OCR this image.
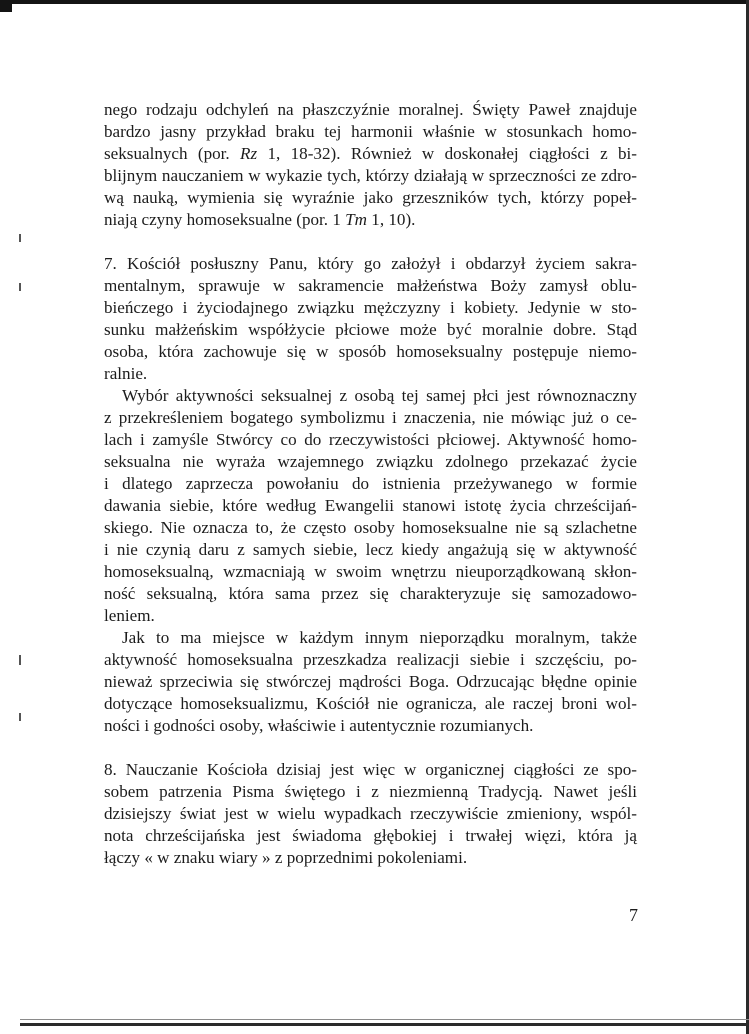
nego rodzaju odchyleń na płaszczyźnie moralnej. Święty Paweł znajduje
bardzo jasny przykład braku tej harmonii właśnie w stosunkach homo-
seksualnych (por. Rz 1, 18-32). Również w doskonałej ciągłości z bi-
blijnym nauczaniem w wykazie tych, którzy działają w sprzeczności ze zdro-
wą nauką, wymienia się wyraźnie jako grzeszników tych, którzy popeł-
niają czyny homoseksualne (por. 1 Tm 1, 10).

7. Kościół posłuszny Panu, który go założył i obdarzył życiem sakra-
mentalnym, sprawuje w sakramencie małżeństwa Boży zamysł oblu-
bieńczego i życiodajnego związku mężczyzny i kobiety. Jedynie w sto-
sunku małżeńskim współżycie płciowe może być moralnie dobre. Stąd
osoba, która zachowuje się w sposób homoseksualny postępuje niemo-
ralnie.

Wybór aktywności seksualnej z osobą tej samej płci jest równoznaczny
z przekreśleniem bogatego symbolizmu i znaczenia, nie mówiąc już o ce-
lach i zamyśle Stwórcy co do rzeczywistości płciowej. Aktywność homo-
seksualna nie wyraża wzajemnego związku zdolnego przekazać życie
i dlatego zaprzecza powołaniu do istnienia przeżywanego w formie
dawania siebie, które według Ewangelii stanowi istotę życia chrześcijań-
skiego. Nie oznacza to, że często osoby homoseksualne nie są szlachetne
i nie czynią daru z samych siebie, lecz kiedy angażują się w aktywność
homoseksualną, wzmacniają w swoim wnętrzu nieuporządkowaną skłon-
ność seksualną, która sama przez się charakteryzuje się samozadowo-
leniem.

Jak to ma miejsce w każdym innym nieporządku moralnym, także
aktywność homoseksualna przeszkadza realizacji siebie i szczęściu, po-
nieważ sprzeciwia się stwórczej mądrości Boga. Odrzucając błędne opinie
dotyczące homoseksualizmu, Kościół nie ogranicza, ale raczej broni wol-
ności i godności osoby, właściwie i autentycznie rozumianych.

8. Nauczanie Kościoła dzisiaj jest więc w organicznej ciągłości ze spo-
sobem patrzenia Pisma świętego i z niezmienną Tradycją. Nawet jeśli
dzisiejszy świat jest w wielu wypadkach rzeczywiście zmieniony, wspól-
nota chrześcijańska jest świadoma głębokiej i trwałej więzi, która ją
łączy « w znaku wiary » z poprzednimi pokoleniami.

7
